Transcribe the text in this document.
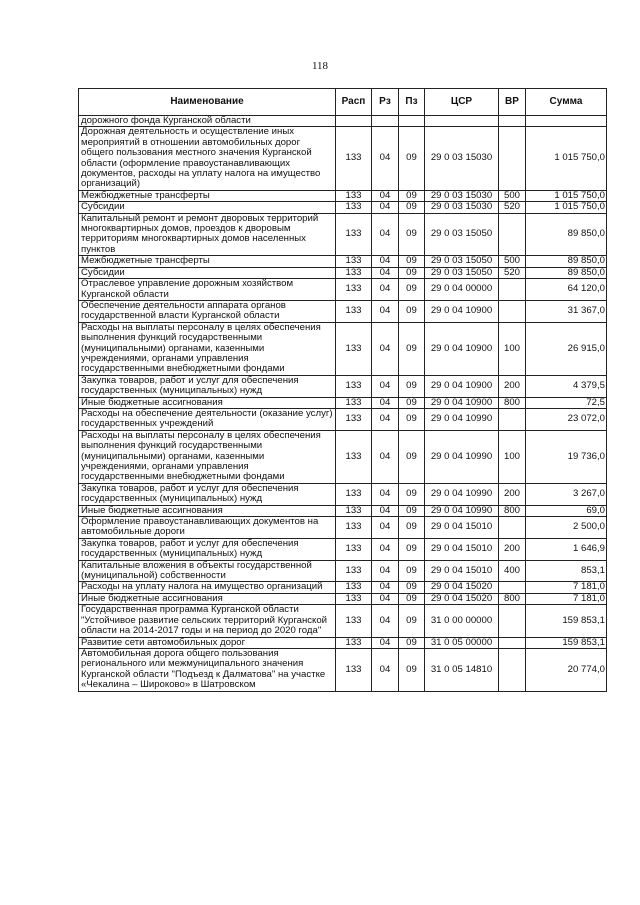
118
Наименование	Расп	Рз	Пз	ЦСР	ВР	Сумма
дорожного фонда Курганской области						
Дорожная деятельность и осуществление иных мероприятий в отношении автомобильных дорог общего пользования местного значения Курганской области (оформление правоустанавливающих документов, расходы на уплату налога на имущество организаций)	133	04	09	29 0 03 15030		1 015 750,0
Межбюджетные трансферты	133	04	09	29 0 03 15030	500	1 015 750,0
Субсидии	133	04	09	29 0 03 15030	520	1 015 750,0
Капитальный ремонт и ремонт дворовых территорий многоквартирных домов, проездов к дворовым территориям многоквартирных домов населенных пунктов	133	04	09	29 0 03 15050		89 850,0
Межбюджетные трансферты	133	04	09	29 0 03 15050	500	89 850,0
Субсидии	133	04	09	29 0 03 15050	520	89 850,0
Отраслевое управление дорожным хозяйством Курганской области	133	04	09	29 0 04 00000		64 120,0
Обеспечение деятельности аппарата органов государственной власти Курганской области	133	04	09	29 0 04 10900		31 367,0
Расходы на выплаты персоналу в целях обеспечения выполнения функций государственными (муниципальными) органами, казенными учреждениями, органами управления государственными внебюджетными фондами	133	04	09	29 0 04 10900	100	26 915,0
Закупка товаров, работ и услуг для обеспечения государственных (муниципальных) нужд	133	04	09	29 0 04 10900	200	4 379,5
Иные бюджетные ассигнования	133	04	09	29 0 04 10900	800	72,5
Расходы на обеспечение деятельности (оказание услуг) государственных учреждений	133	04	09	29 0 04 10990		23 072,0
Расходы на выплаты персоналу в целях обеспечения выполнения функций государственными (муниципальными) органами, казенными учреждениями, органами управления государственными внебюджетными фондами	133	04	09	29 0 04 10990	100	19 736,0
Закупка товаров, работ и услуг для обеспечения государственных (муниципальных) нужд	133	04	09	29 0 04 10990	200	3 267,0
Иные бюджетные ассигнования	133	04	09	29 0 04 10990	800	69,0
Оформление правоустанавливающих документов на автомобильные дороги	133	04	09	29 0 04 15010		2 500,0
Закупка товаров, работ и услуг для обеспечения государственных (муниципальных) нужд	133	04	09	29 0 04 15010	200	1 646,9
Капитальные вложения в объекты государственной (муниципальной) собственности	133	04	09	29 0 04 15010	400	853,1
Расходы на уплату налога на имущество организаций	133	04	09	29 0 04 15020		7 181,0
Иные бюджетные ассигнования	133	04	09	29 0 04 15020	800	7 181,0
Государственная программа Курганской области "Устойчивое развитие сельских территорий Курганской области на 2014-2017 годы и на период до 2020 года"	133	04	09	31 0 00 00000		159 853,1
Развитие сети автомобильных дорог	133	04	09	31 0 05 00000		159 853,1
Автомобильная дорога общего пользования регионального или межмуниципального значения Курганской области "Подъезд к Далматова" на участке «Чекалина – Широково» в Шатровском	133	04	09	31 0 05 14810		20 774,0
